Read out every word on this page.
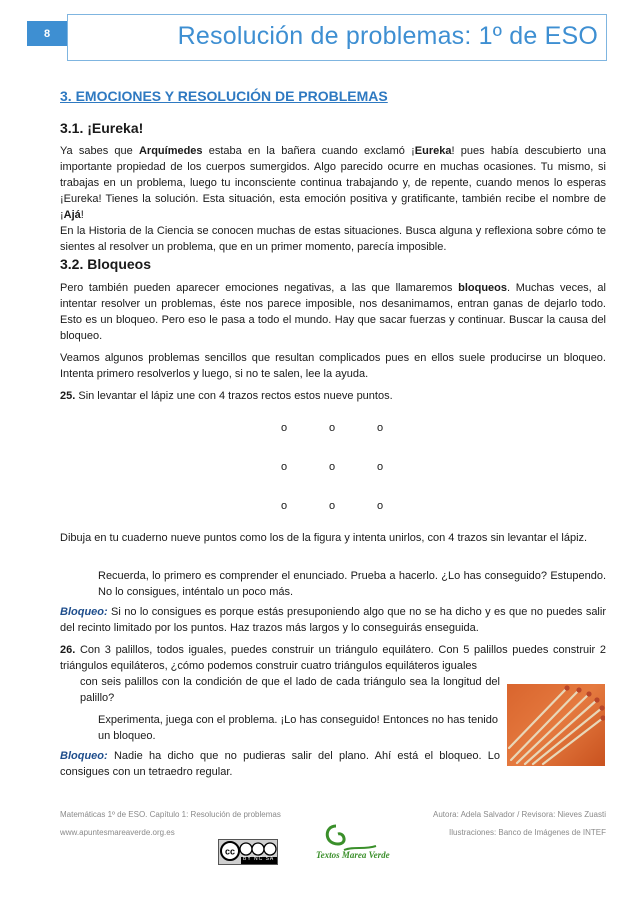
8	Resolución de problemas: 1º de ESO
3. EMOCIONES Y RESOLUCIÓN DE PROBLEMAS
3.1. ¡Eureka!

Ya sabes que Arquímedes estaba en la bañera cuando exclamó ¡Eureka! pues había descubierto una importante propiedad de los cuerpos sumergidos. Algo parecido ocurre en muchas ocasiones. Tu mismo, si trabajas en un problema, luego tu inconsciente continua trabajando y, de repente, cuando menos lo esperas ¡Eureka! Tienes la solución. Esta situación, esta emoción positiva y gratificante, también recibe el nombre de ¡Ajá!

En la Historia de la Ciencia se conocen muchas de estas situaciones. Busca alguna y reflexiona sobre cómo te sientes al resolver un problema, que en un primer momento, parecía imposible.

3.2. Bloqueos

Pero también pueden aparecer emociones negativas, a las que llamaremos bloqueos. Muchas veces, al intentar resolver un problemas, éste nos parece imposible, nos desanimamos, entran ganas de dejarlo todo. Esto es un bloqueo. Pero eso le pasa a todo el mundo. Hay que sacar fuerzas y continuar. Buscar la causa del bloqueo.

Veamos algunos problemas sencillos que resultan complicados pues en ellos suele producirse un bloqueo. Intenta primero resolverlos y luego, si no te salen, lee la ayuda.

25. Sin levantar el lápiz une con 4 trazos rectos estos nueve puntos.

o	o	o
o	o	o
o	o	o

Dibuja en tu cuaderno nueve puntos como los de la figura y intenta unirlos, con 4 trazos sin levantar el lápiz.

Recuerda, lo primero es comprender el enunciado. Prueba a hacerlo. ¿Lo has conseguido? Estupendo. No lo consigues, inténtalo un poco más.

Bloqueo: Si no lo consigues es porque estás presuponiendo algo que no se ha dicho y es que no puedes salir del recinto limitado por los puntos. Haz trazos más largos y lo conseguirás enseguida.

26. Con 3 palillos, todos iguales, puedes construir un triángulo equilátero. Con 5 palillos puedes construir 2 triángulos equiláteros, ¿cómo podemos construir cuatro triángulos equiláteros iguales

con seis palillos con la condición de que el lado de cada triángulo sea la longitud del palillo?

Experimenta, juega con el problema. ¡Lo has conseguido! Entonces no has tenido un bloqueo.

Bloqueo: Nadie ha dicho que no pudieras salir del plano. Ahí está el bloqueo. Lo consigues con un tetraedro regular.

Matemáticas 1º de ESO. Capítulo 1: Resolución de problemas
www.apuntesmareaverde.org.es
Autora: Adela Salvador / Revisora: Nieves Zuasti
Ilustraciones: Banco de Imágenes de INTEF
cc
BY NC SA	Textos Marea Verde
